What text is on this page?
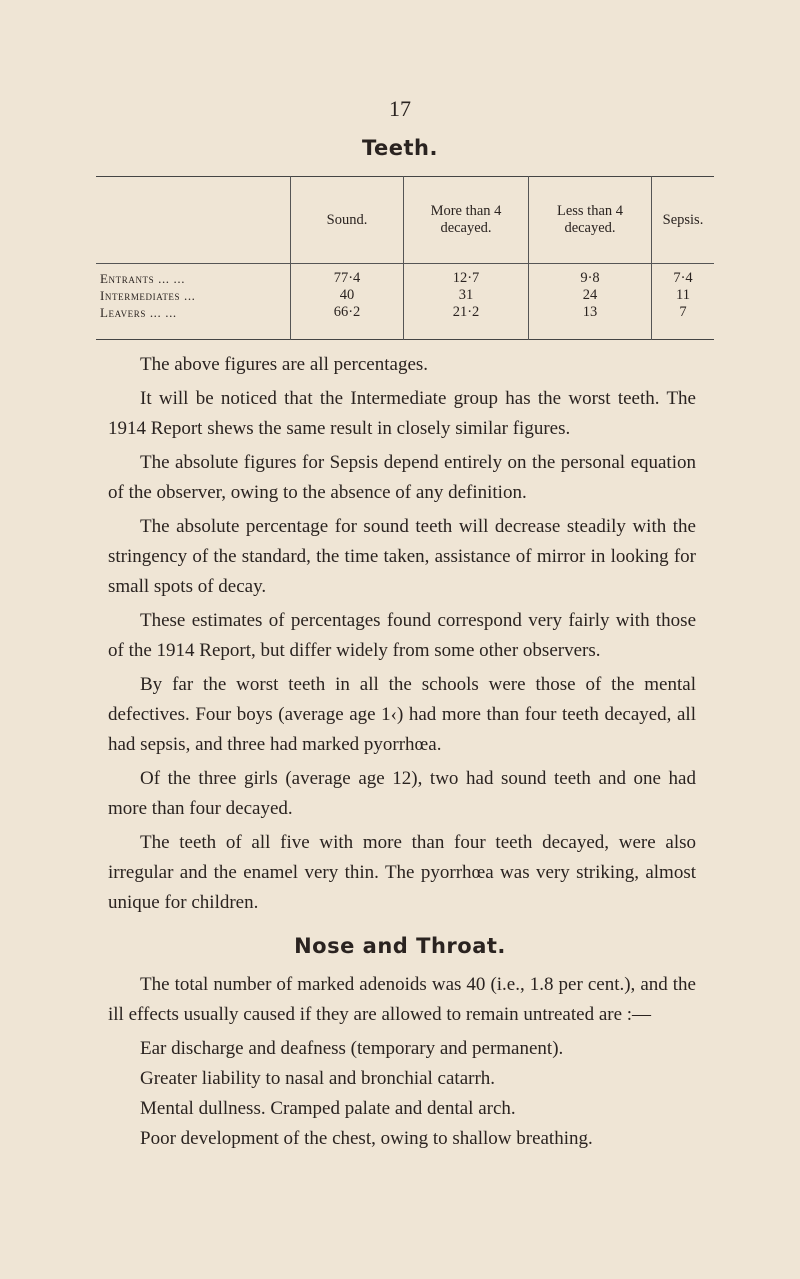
17
Teeth.
	Sound.	More than 4 decayed.	Less than 4 decayed.	Sepsis.
Entrants ... ...	77·4	12·7	9·8	7·4
Intermediates ...	40	31	24	11
Leavers ... ...	66·2	21·2	13	7

The above figures are all percentages.

It will be noticed that the Intermediate group has the worst teeth. The 1914 Report shews the same result in closely similar figures.

The absolute figures for Sepsis depend entirely on the personal equation of the observer, owing to the absence of any definition.

The absolute percentage for sound teeth will decrease steadily with the stringency of the standard, the time taken, assistance of mirror in looking for small spots of decay.

These estimates of percentages found correspond very fairly with those of the 1914 Report, but differ widely from some other observers.

By far the worst teeth in all the schools were those of the mental defectives. Four boys (average age 1‹) had more than four teeth decayed, all had sepsis, and three had marked pyorrhœa.

Of the three girls (average age 12), two had sound teeth and one had more than four decayed.

The teeth of all five with more than four teeth decayed, were also irregular and the enamel very thin. The pyorrhœa was very striking, almost unique for children.

Nose and Throat.

The total number of marked adenoids was 40 (i.e., 1.8 per cent.), and the ill effects usually caused if they are allowed to remain untreated are :—

Ear discharge and deafness (temporary and permanent).
Greater liability to nasal and bronchial catarrh.
Mental dullness. Cramped palate and dental arch.
Poor development of the chest, owing to shallow breathing.
